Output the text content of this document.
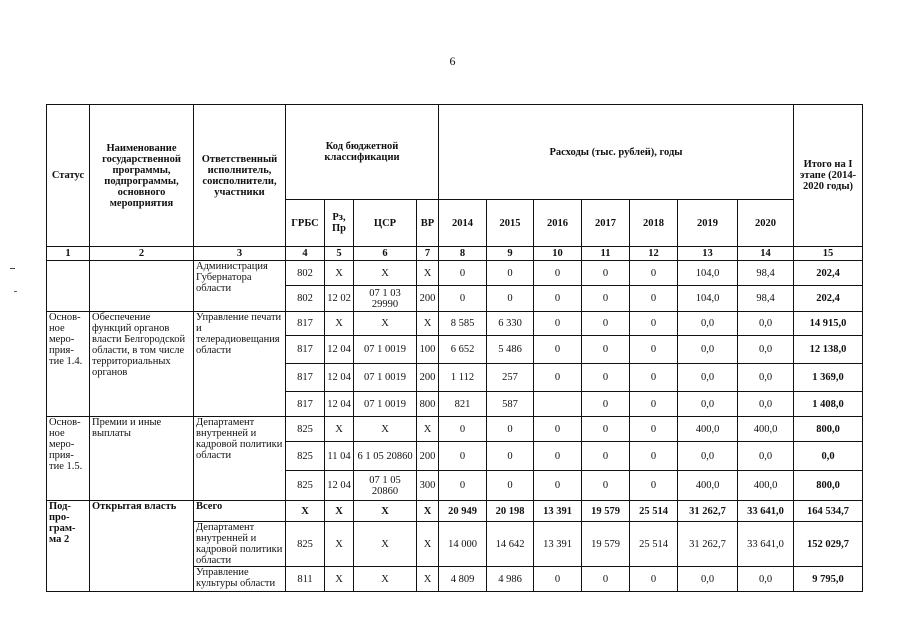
6
Статус	Наименование государственной программы, подпрограммы, основного мероприятия	Ответственный исполнитель, соисполнители, участники	Код бюджетной классификации				Расходы (тыс. рублей), годы							Итого на I этапе (2014-2020 годы)
			ГРБС	Рз, Пр	ЦСР	ВР	2014	2015	2016	2017	2018	2019	2020	
1	2	3	4	5	6	7	8	9	10	11	12	13	14	15
		Администрация Губернатора области	802	Х	Х	Х	0	0	0	0	0	104,0	98,4	202,4
			802	12 02	07 1 03 29990	200	0	0	0	0	0	104,0	98,4	202,4
Основ-ное меро-прия-тие 1.4.	Обеспечение функций органов власти Белгородской области, в том числе территориальных органов	Управление печати и телерадиовещания области	817	Х	Х	Х	8 585	6 330	0	0	0	0,0	0,0	14 915,0
			817	12 04	07 1 0019	100	6 652	5 486	0	0	0	0,0	0,0	12 138,0
			817	12 04	07 1 0019	200	1 112	257	0	0	0	0,0	0,0	1 369,0
			817	12 04	07 1 0019	800	821	587		0	0	0,0	0,0	1 408,0
Основ-ное меро-прия-тие 1.5.	Премии и иные выплаты	Департамент внутренней и кадровой политики области	825	Х	Х	Х	0	0	0	0	0	400,0	400,0	800,0
			825	11 04	6 1 05 20860	200	0	0	0	0	0	0,0	0,0	0,0
			825	12 04	07 1 05 20860	300	0	0	0	0	0	400,0	400,0	800,0
Под-про-грам-ма 2	Открытая власть	Всего	Х	Х	Х	Х	20 949	20 198	13 391	19 579	25 514	31 262,7	33 641,0	164 534,7
		Департамент внутренней и кадровой политики области	825	Х	Х	Х	14 000	14 642	13 391	19 579	25 514	31 262,7	33 641,0	152 029,7
		Управление культуры области	811	Х	Х	Х	4 809	4 986	0	0	0	0,0	0,0	9 795,0
